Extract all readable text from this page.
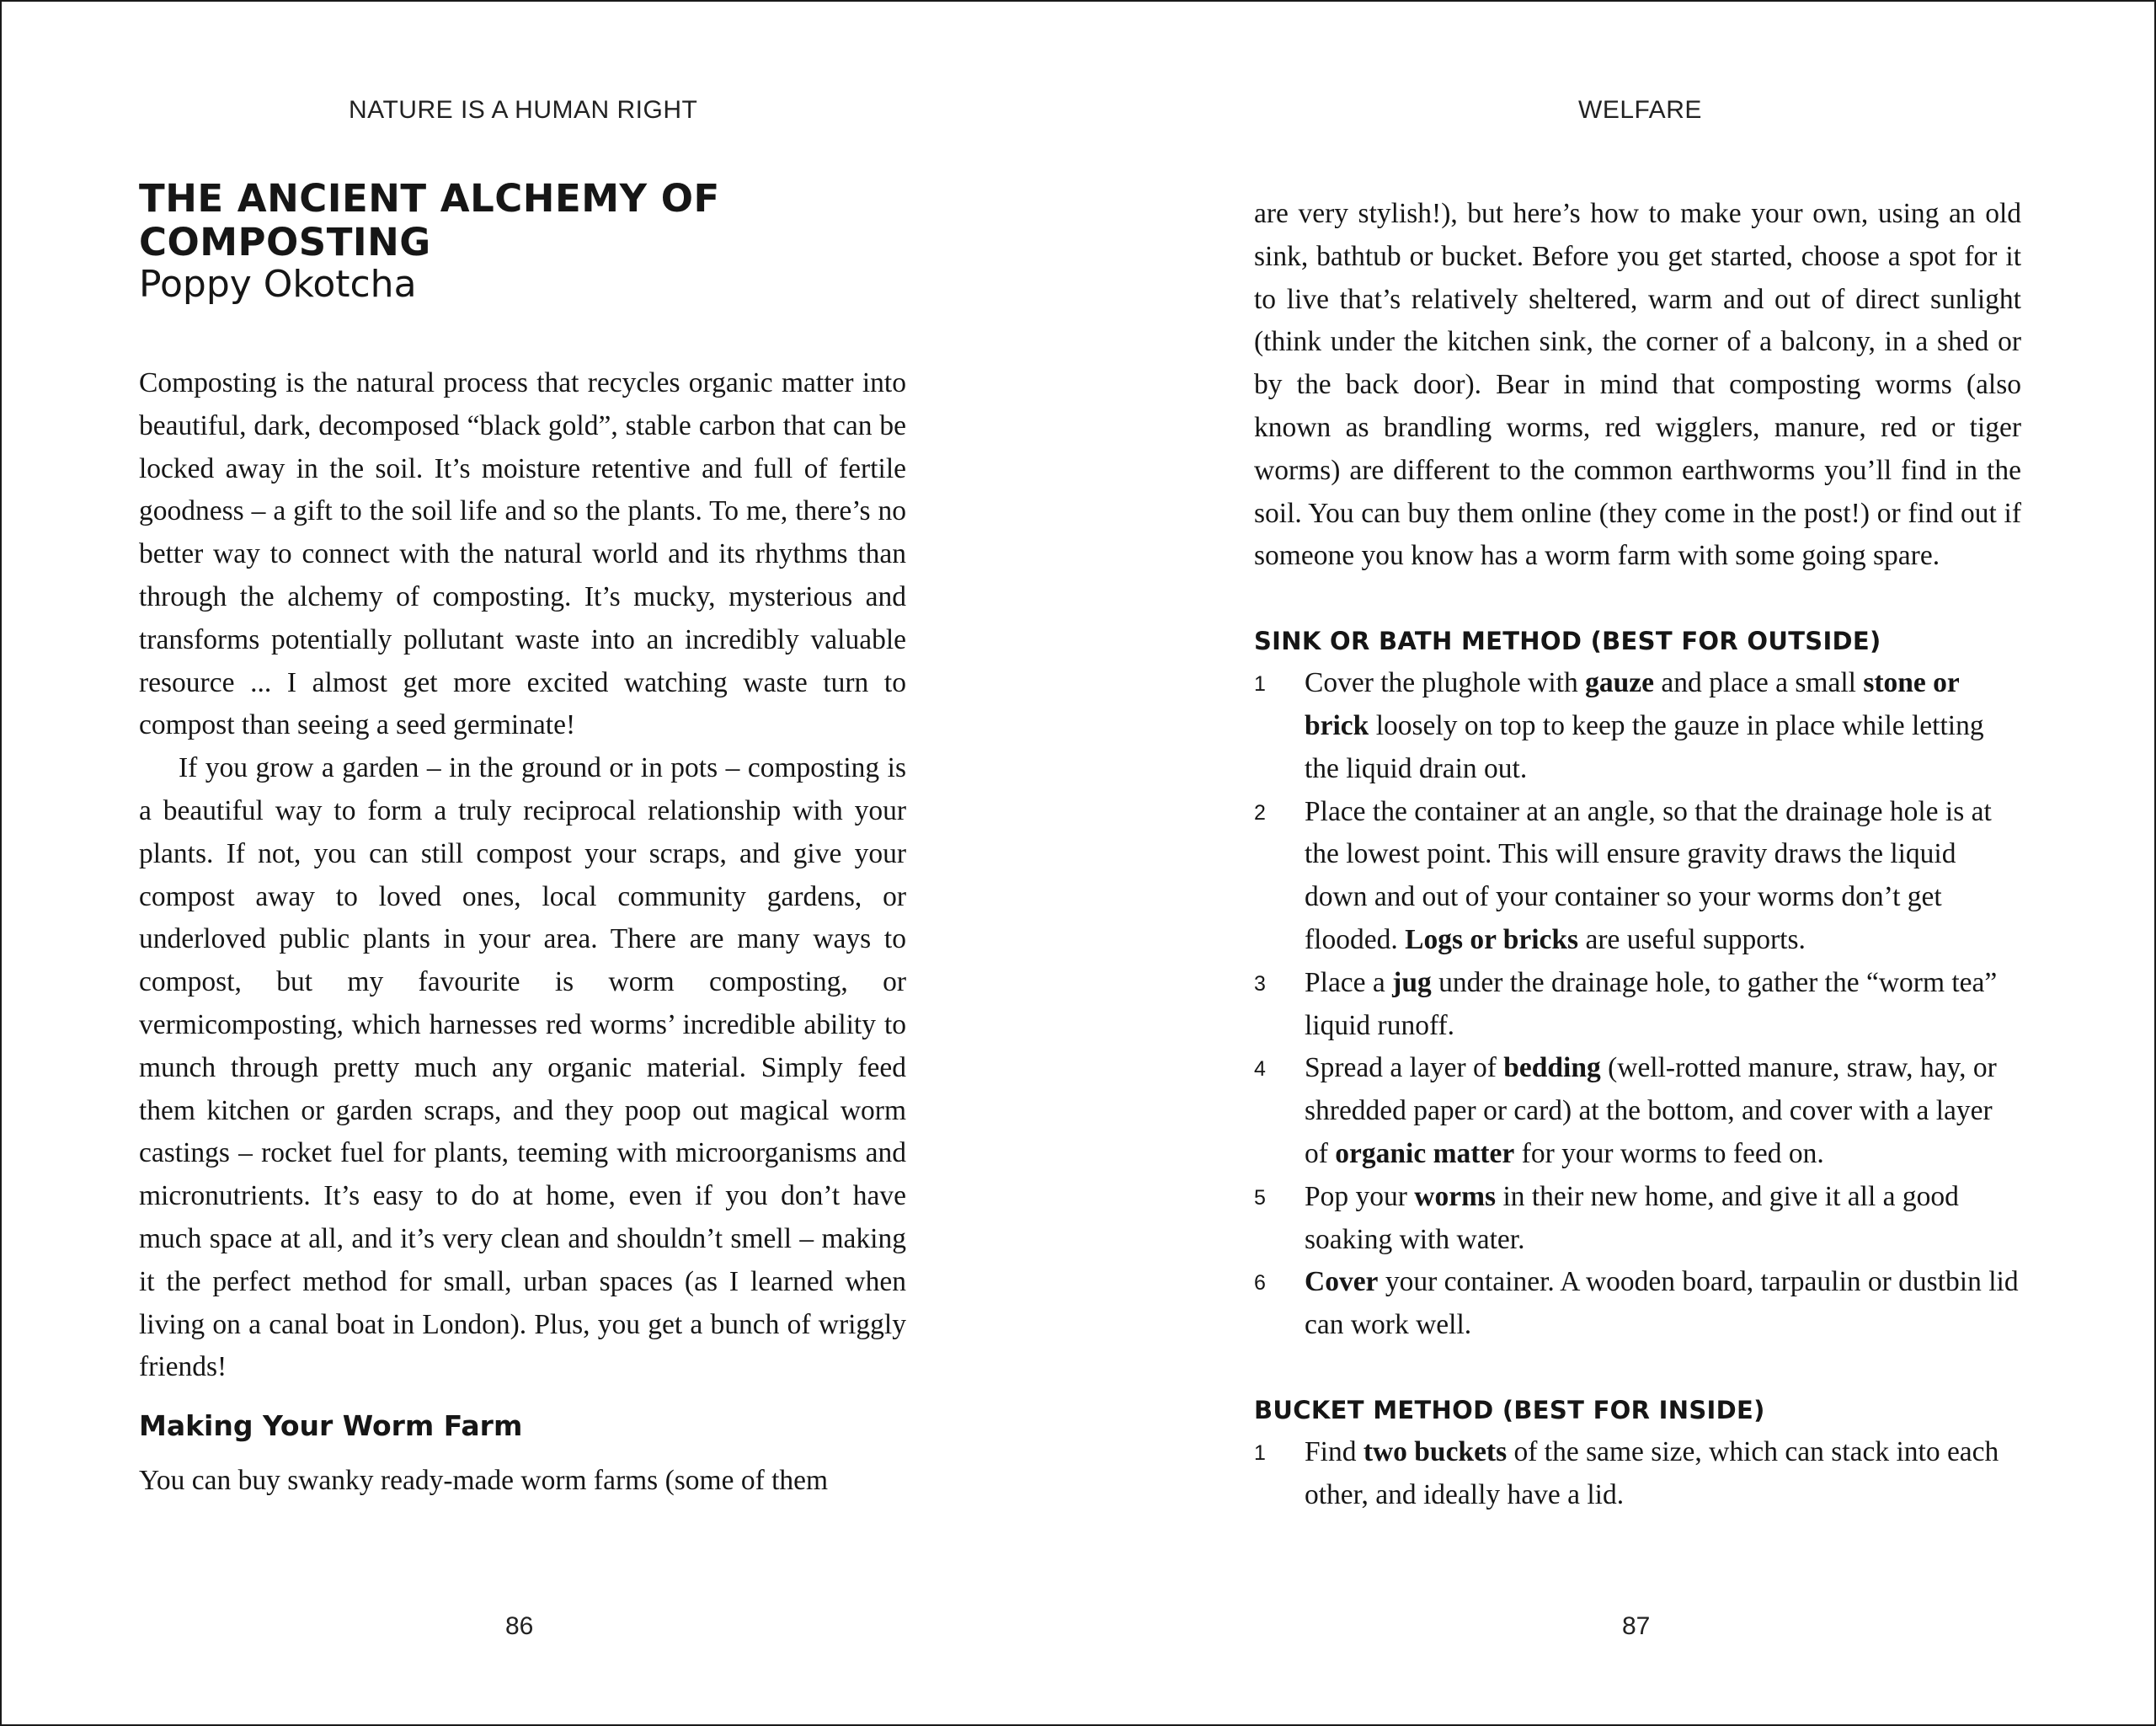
NATURE IS A HUMAN RIGHT
THE ANCIENT ALCHEMY OF
COMPOSTING
Poppy Okotcha

Composting is the natural process that recycles organic matter into beautiful, dark, decomposed “black gold”, stable carbon that can be locked away in the soil. It’s moisture retentive and full of fertile goodness – a gift to the soil life and so the plants. To me, there’s no better way to connect with the natural world and its rhythms than through the alchemy of composting. It’s mucky, mysterious and transforms potentially pollutant waste into an incredibly valuable resource ... I almost get more excited watching waste turn to compost than seeing a seed germinate!

If you grow a garden – in the ground or in pots – composting is a beautiful way to form a truly reciprocal relationship with your plants. If not, you can still compost your scraps, and give your compost away to loved ones, local community gardens, or underloved public plants in your area. There are many ways to compost, but my favourite is worm composting, or vermicomposting, which harnesses red worms’ incredible ability to munch through pretty much any organic material. Simply feed them kitchen or garden scraps, and they poop out magical worm castings – rocket fuel for plants, teeming with microorganisms and micronutrients. It’s easy to do at home, even if you don’t have much space at all, and it’s very clean and shouldn’t smell – making it the perfect method for small, urban spaces (as I learned when living on a canal boat in London). Plus, you get a bunch of wriggly friends!

Making Your Worm Farm

You can buy swanky ready-made worm farms (some of them

86
WELFARE

are very stylish!), but here’s how to make your own, using an old sink, bathtub or bucket. Before you get started, choose a spot for it to live that’s relatively sheltered, warm and out of direct sunlight (think under the kitchen sink, the corner of a balcony, in a shed or by the back door). Bear in mind that composting worms (also known as brandling worms, red wigglers, manure, red or tiger worms) are different to the common earthworms you’ll find in the soil. You can buy them online (they come in the post!) or find out if someone you know has a worm farm with some going spare.

SINK OR BATH METHOD (BEST FOR OUTSIDE)
1 Cover the plughole with gauze and place a small stone or brick loosely on top to keep the gauze in place while letting the liquid drain out.
2 Place the container at an angle, so that the drainage hole is at the lowest point. This will ensure gravity draws the liquid down and out of your container so your worms don’t get flooded. Logs or bricks are useful supports.
3 Place a jug under the drainage hole, to gather the “worm tea” liquid runoff.
4 Spread a layer of bedding (well-rotted manure, straw, hay, or shredded paper or card) at the bottom, and cover with a layer of organic matter for your worms to feed on.
5 Pop your worms in their new home, and give it all a good soaking with water.
6 Cover your container. A wooden board, tarpaulin or dustbin lid can work well.
BUCKET METHOD (BEST FOR INSIDE)
1 Find two buckets of the same size, which can stack into each other, and ideally have a lid.
87
